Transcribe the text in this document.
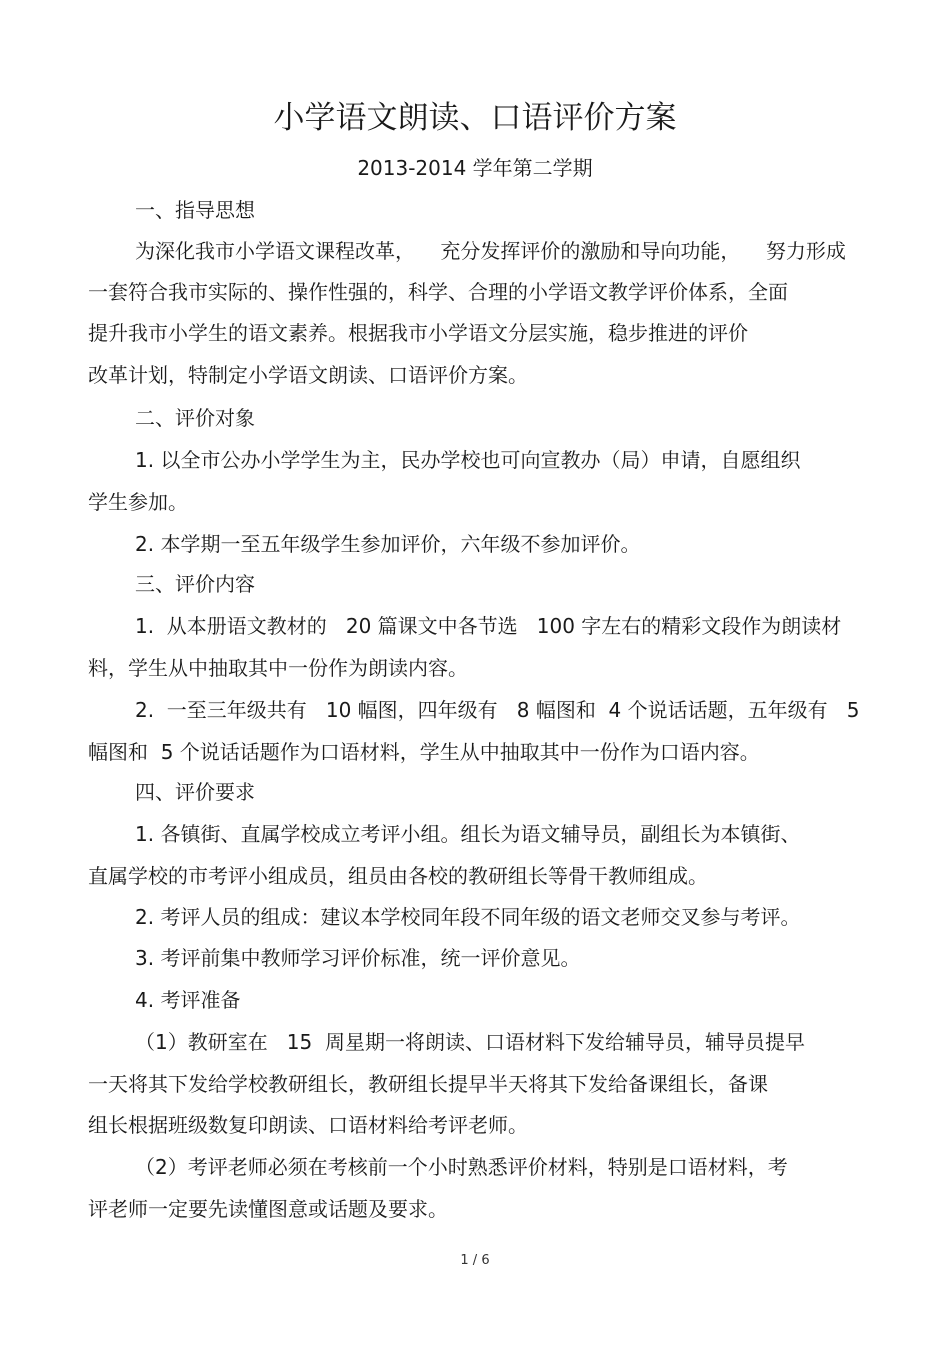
小学语文朗读、口语评价方案
2013-2014 学年第二学期
一、指导思想
为深化我市小学语文课程改革，    充分发挥评价的激励和导向功能，    努力形成
一套符合我市实际的、操作性强的，科学、合理的小学语文教学评价体系，全面
提升我市小学生的语文素养。根据我市小学语文分层实施，稳步推进的评价
改革计划，特制定小学语文朗读、口语评价方案。
二、评价对象
1. 以全市公办小学学生为主，民办学校也可向宣教办（局）申请，自愿组织
学生参加。
2. 本学期一至五年级学生参加评价，六年级不参加评价。
三、评价内容
1.  从本册语文教材的   20 篇课文中各节选   100 字左右的精彩文段作为朗读材
料，学生从中抽取其中一份作为朗读内容。
2.  一至三年级共有   10 幅图，四年级有   8 幅图和  4 个说话话题，五年级有   5
幅图和  5 个说话话题作为口语材料，学生从中抽取其中一份作为口语内容。
四、评价要求
1. 各镇街、直属学校成立考评小组。组长为语文辅导员，副组长为本镇街、
直属学校的市考评小组成员，组员由各校的教研组长等骨干教师组成。
2. 考评人员的组成：建议本学校同年段不同年级的语文老师交叉参与考评。
3. 考评前集中教师学习评价标准，统一评价意见。
4. 考评准备
（1）教研室在   15  周星期一将朗读、口语材料下发给辅导员，辅导员提早
一天将其下发给学校教研组长，教研组长提早半天将其下发给备课组长，备课
组长根据班级数复印朗读、口语材料给考评老师。
（2）考评老师必须在考核前一个小时熟悉评价材料，特别是口语材料，考
评老师一定要先读懂图意或话题及要求。
1 / 6
